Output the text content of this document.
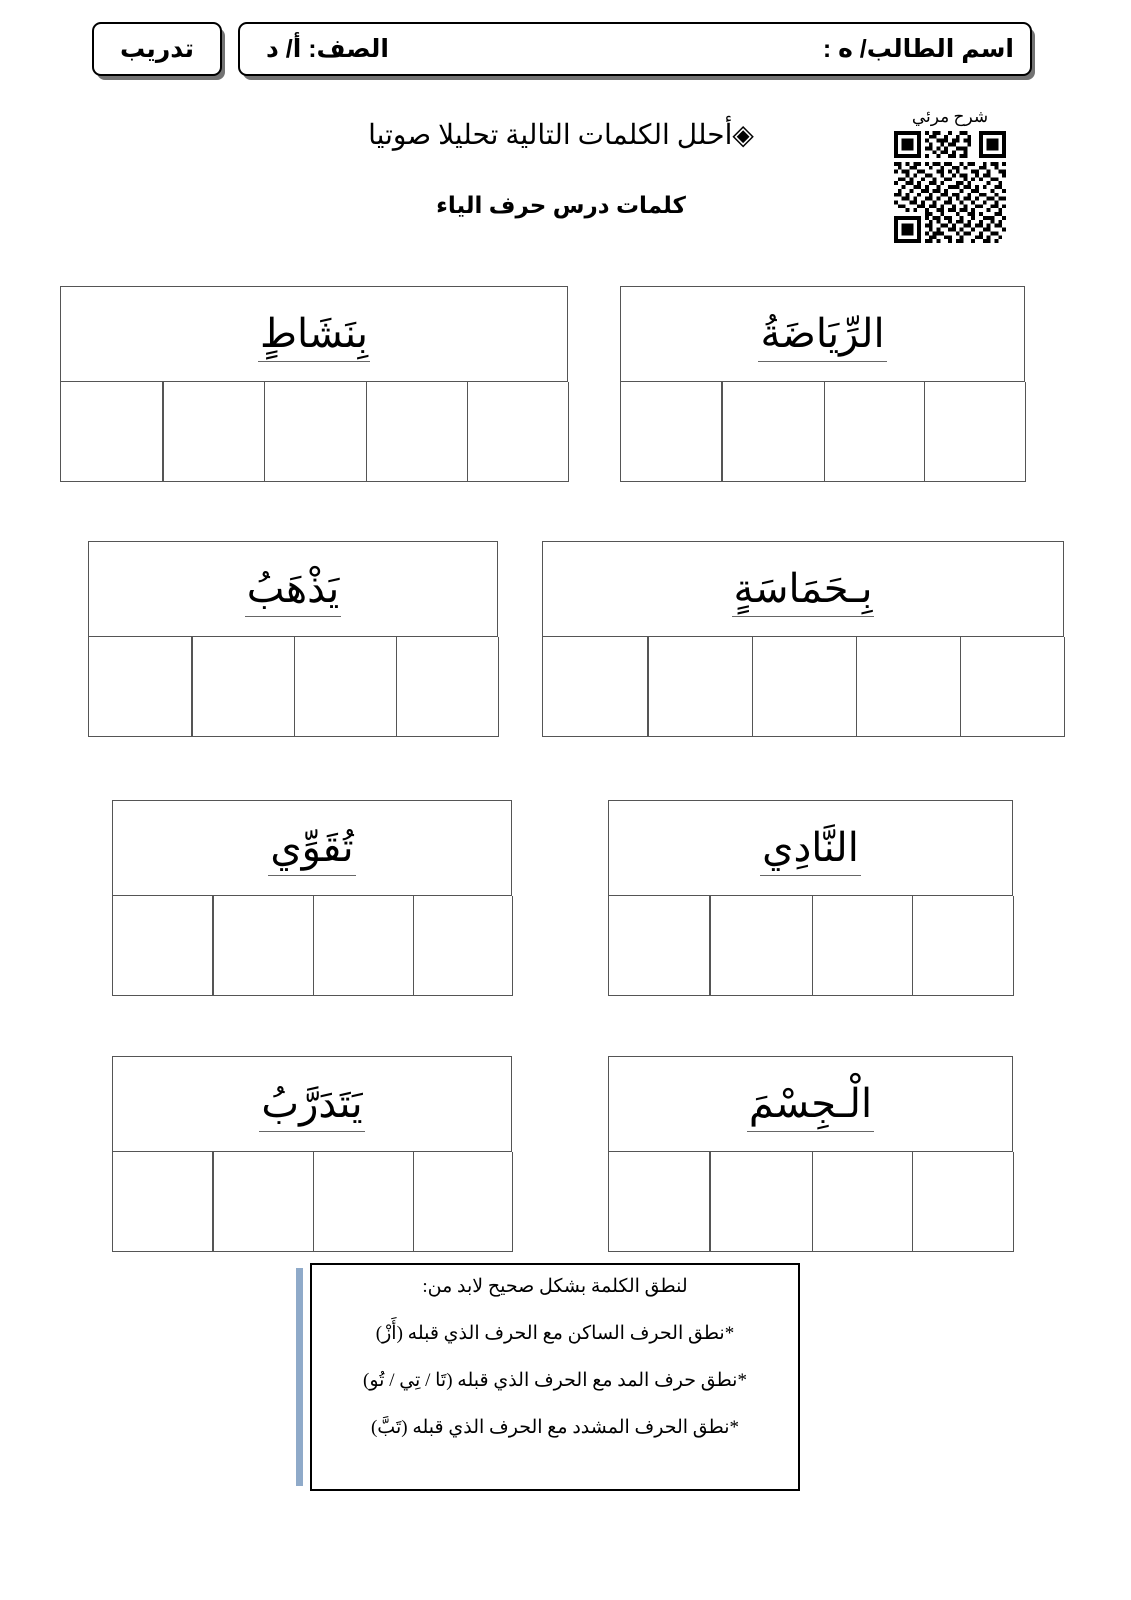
تدريب	اسم الطالب/ ه :
الصف: أ/ د
شرح مرئي
◈أحلل الكلمات التالية تحليلا صوتيا
كلمات درس حرف الياء
الرِّيَاضَةُ
بِنَشَاطٍ
بِـحَمَاسَةٍ
يَذْهَبُ
النَّادِي
تُقَوِّي
الْـجِسْمَ
يَتَدَرَّبُ
لنطق الكلمة بشكل صحيح لابد من:
*نطق الحرف الساكن مع الحرف الذي قبله (أَزْ)
*نطق حرف المد مع الحرف الذي قبله (تَا / تِي / تُو)
*نطق الحرف المشدد مع الحرف الذي قبله (تَبَّ)
